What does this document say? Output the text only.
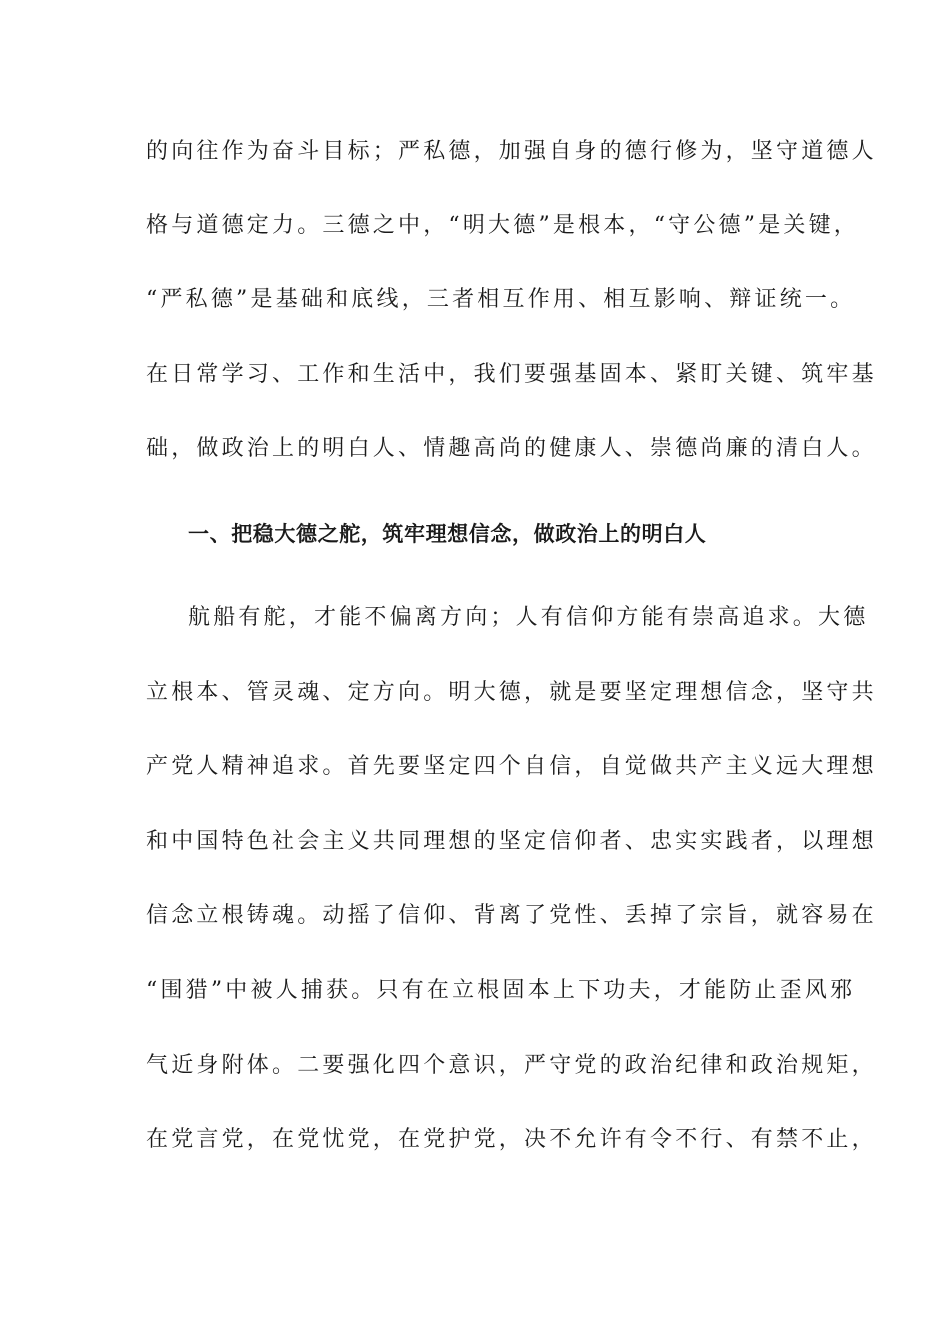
的向往作为奋斗目标；严私德，加强自身的德行修为，坚守道德人
格与道德定力。三德之中，“明大德”是根本，“守公德”是关键，
“严私德”是基础和底线，三者相互作用、相互影响、辩证统一。
在日常学习、工作和生活中，我们要强基固本、紧盯关键、筑牢基
础，做政治上的明白人、情趣高尚的健康人、崇德尚廉的清白人。
一、把稳大德之舵，筑牢理想信念，做政治上的明白人
航船有舵，才能不偏离方向；人有信仰方能有崇高追求。大德
立根本、管灵魂、定方向。明大德，就是要坚定理想信念，坚守共
产党人精神追求。首先要坚定四个自信，自觉做共产主义远大理想
和中国特色社会主义共同理想的坚定信仰者、忠实实践者，以理想
信念立根铸魂。动摇了信仰、背离了党性、丢掉了宗旨，就容易在
“围猎”中被人捕获。只有在立根固本上下功夫，才能防止歪风邪
气近身附体。二要强化四个意识，严守党的政治纪律和政治规矩，
在党言党，在党忧党，在党护党，决不允许有令不行、有禁不止，
